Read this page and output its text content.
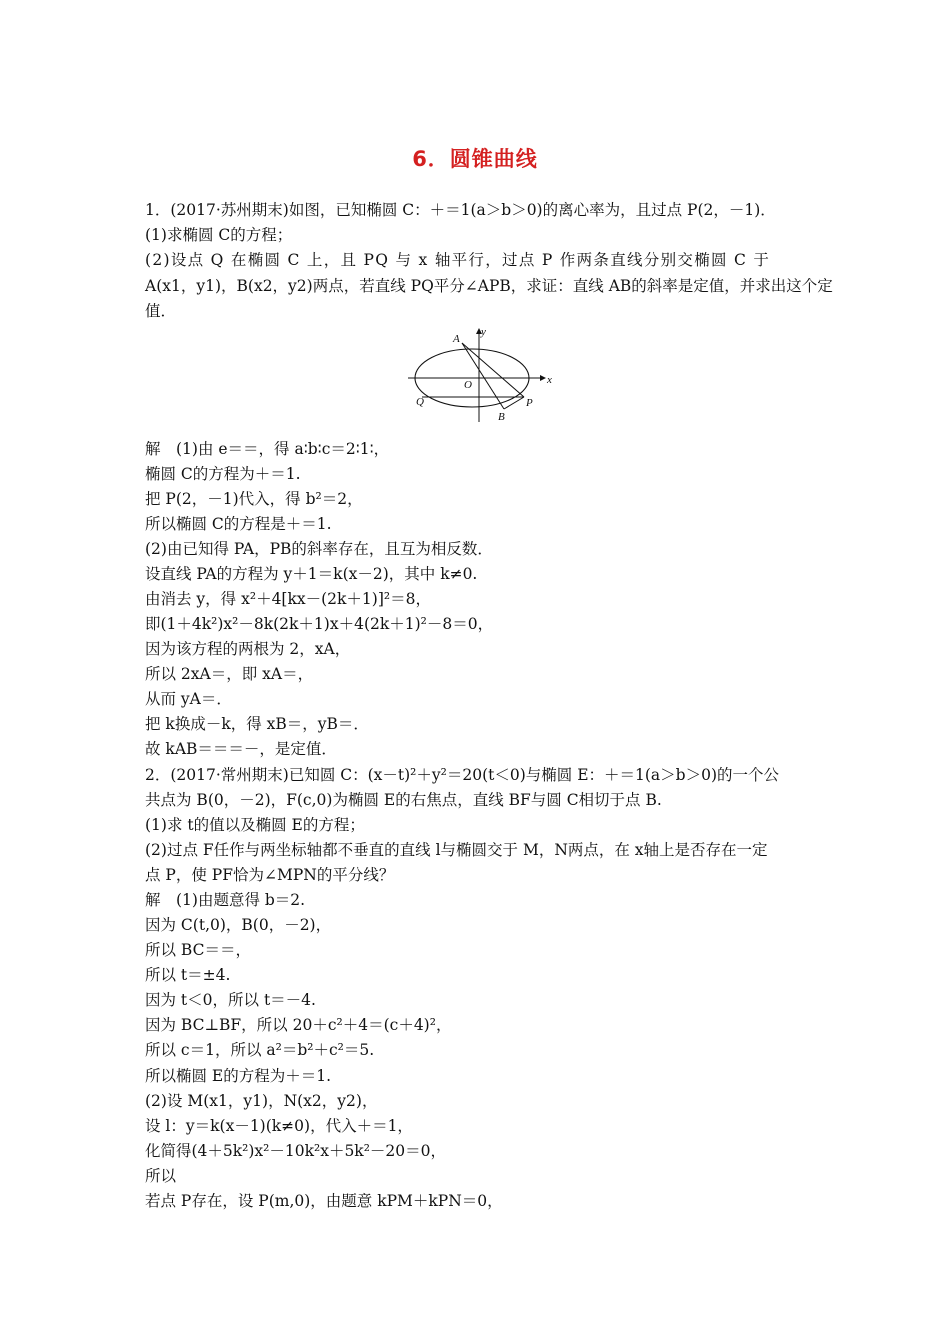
6．圆锥曲线
A
y
x
O
Q	P
B
1．(2017·苏州期末)如图，已知椭圆 C：＋＝1(a＞b＞0)的离心率为，且过点 P(2，－1)．
(1)求椭圆 C的方程；
(2)设点 Q 在椭圆 C 上，且 PQ 与 x 轴平行，过点 P 作两条直线分别交椭圆 C 于
A(x1，y1)，B(x2，y2)两点，若直线 PQ平分∠APB，求证：直线 AB的斜率是定值，并求出这个定
值．
解　(1)由 e＝＝，得 a∶b∶c＝2∶1∶，
椭圆 C的方程为＋＝1.
把 P(2，－1)代入，得 b²＝2，
所以椭圆 C的方程是＋＝1.
(2)由已知得 PA，PB的斜率存在，且互为相反数．
设直线 PA的方程为 y＋1＝k(x－2)，其中 k≠0.
由消去 y，得 x²＋4[kx－(2k＋1)]²＝8，
即(1＋4k²)x²－8k(2k＋1)x＋4(2k＋1)²－8＝0，
因为该方程的两根为 2，xA，
所以 2xA＝，即 xA＝，
从而 yA＝．
把 k换成－k，得 xB＝，yB＝．
故 kAB＝＝＝－，是定值．
2．(2017·常州期末)已知圆 C：(x－t)²＋y²＝20(t＜0)与椭圆 E：＋＝1(a＞b＞0)的一个公
共点为 B(0，－2)，F(c,0)为椭圆 E的右焦点，直线 BF与圆 C相切于点 B.
(1)求 t的值以及椭圆 E的方程；
(2)过点 F任作与两坐标轴都不垂直的直线 l与椭圆交于 M，N两点，在 x轴上是否存在一定
点 P，使 PF恰为∠MPN的平分线？
解　(1)由题意得 b＝2.
因为 C(t,0)，B(0，－2)，
所以 BC＝＝，
所以 t＝±4.
因为 t＜0，所以 t＝－4.
因为 BC⊥BF，所以 20＋c²＋4＝(c＋4)²，
所以 c＝1，所以 a²＝b²＋c²＝5.
所以椭圆 E的方程为＋＝1.
(2)设 M(x1，y1)，N(x2，y2)，
设 l：y＝k(x－1)(k≠0)，代入＋＝1，
化简得(4＋5k²)x²－10k²x＋5k²－20＝0，
所以
若点 P存在，设 P(m,0)，由题意 kPM＋kPN＝0，
